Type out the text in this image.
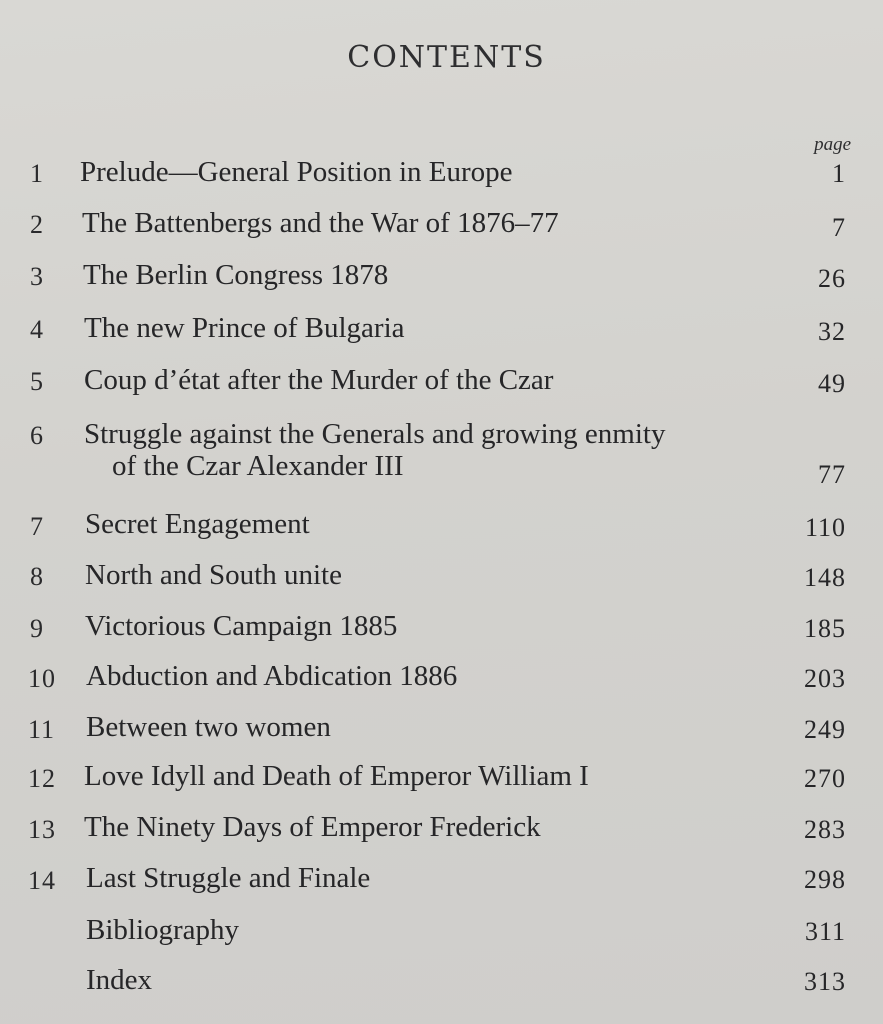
CONTENTS
page
1	Prelude—General Position in Europe	1
2	The Battenbergs and the War of 1876–77	7
3	The Berlin Congress 1878	26
4	The new Prince of Bulgaria	32
5	Coup d’état after the Murder of the Czar	49
6	Struggle against the Generals and growing enmity
of the Czar Alexander III	77
7	Secret Engagement	110
8	North and South unite	148
9	Victorious Campaign 1885	185
10	Abduction and Abdication 1886	203
11	Between two women	249
12 Love Idyll and Death of Emperor William I	270
13 The Ninety Days of Emperor Frederick	283
14	Last Struggle and Finale	298
Bibliography	311
Index	313
